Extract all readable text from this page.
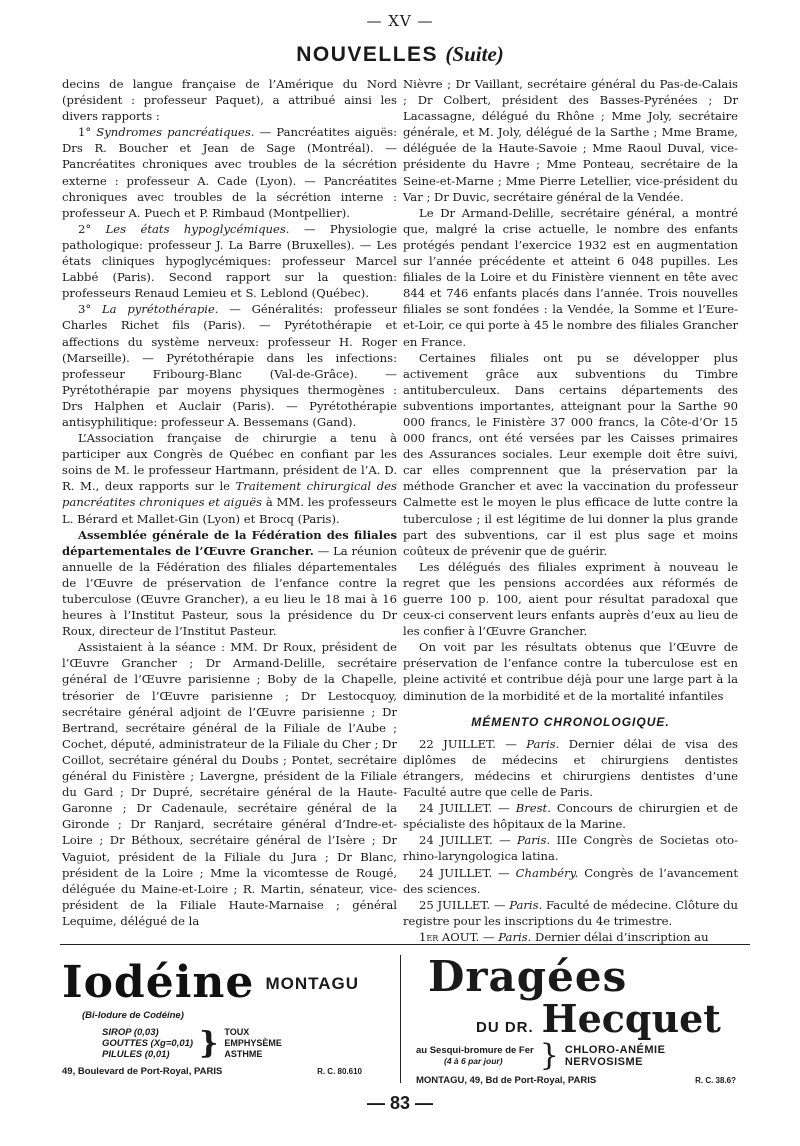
— XV —
NOUVELLES (Suite)

decins de langue française de l’Amérique du Nord (président : professeur Paquet), a attribué ainsi les divers rapports :

1° Syndromes pancréatiques. — Pancréatites aiguës: Drs R. Boucher et Jean de Sage (Montréal). — Pancréatites chroniques avec troubles de la sécrétion externe : professeur A. Cade (Lyon). — Pancréatites chroniques avec troubles de la sécrétion interne : professeur A. Puech et P. Rimbaud (Montpellier).

2° Les états hypoglycémiques. — Physiologie pathologique: professeur J. La Barre (Bruxelles). — Les états cliniques hypoglycémiques: professeur Marcel Labbé (Paris). Second rapport sur la question: professeurs Renaud Lemieu et S. Leblond (Québec).

3° La pyrétothérapie. — Généralités: professeur Charles Richet fils (Paris). — Pyrétothérapie et affections du système nerveux: professeur H. Roger (Marseille). — Pyrétothérapie dans les infections: professeur Fribourg-Blanc (Val-de-Grâce). — Pyrétothérapie par moyens physiques thermogènes : Drs Halphen et Auclair (Paris). — Pyrétothérapie antisyphilitique: professeur A. Bessemans (Gand).

L’Association française de chirurgie a tenu à participer aux Congrès de Québec en confiant par les soins de M. le professeur Hartmann, président de l’A. D. R. M., deux rapports sur le Traitement chirurgical des pancréatites chroniques et aiguës à MM. les professeurs L. Bérard et Mallet-Gin (Lyon) et Brocq (Paris).

Assemblée générale de la Fédération des filiales départementales de l’Œuvre Grancher. — La réunion annuelle de la Fédération des filiales départementales de l’Œuvre de préservation de l’enfance contre la tuberculose (Œuvre Grancher), a eu lieu le 18 mai à 16 heures à l’Institut Pasteur, sous la présidence du Dr Roux, directeur de l’Institut Pasteur.

Assistaient à la séance : MM. Dr Roux, président de l’Œuvre Grancher ; Dr Armand-Delille, secrétaire général de l’Œuvre parisienne ; Boby de la Chapelle, trésorier de l’Œuvre parisienne ; Dr Lestocquoy, secrétaire général adjoint de l’Œuvre parisienne ; Dr Bertrand, secrétaire général de la Filiale de l’Aube ; Cochet, député, administrateur de la Filiale du Cher ; Dr Coillot, secrétaire général du Doubs ; Pontet, secrétaire général du Finistère ; Lavergne, président de la Filiale du Gard ; Dr Dupré, secrétaire général de la Haute-Garonne ; Dr Cadenaule, secrétaire général de la Gironde ; Dr Ranjard, secrétaire général d’Indre-et-Loire ; Dr Béthoux, secrétaire général de l’Isère ; Dr Vaguiot, président de la Filiale du Jura ; Dr Blanc, président de la Loire ; Mme la vicomtesse de Rougé, déléguée du Maine-et-Loire ; R. Martin, sénateur, vice-président de la Filiale Haute-Marnaise ; général Lequime, délégué de la

Nièvre ; Dr Vaillant, secrétaire général du Pas-de-Calais ; Dr Colbert, président des Basses-Pyrénées ; Dr Lacassagne, délégué du Rhône ; Mme Joly, secrétaire générale, et M. Joly, délégué de la Sarthe ; Mme Brame, déléguée de la Haute-Savoie ; Mme Raoul Duval, vice-présidente du Havre ; Mme Ponteau, secrétaire de la Seine-et-Marne ; Mme Pierre Letellier, vice-président du Var ; Dr Duvic, secrétaire général de la Vendée.

Le Dr Armand-Delille, secrétaire général, a montré que, malgré la crise actuelle, le nombre des enfants protégés pendant l’exercice 1932 est en augmentation sur l’année précédente et atteint 6 048 pupilles. Les filiales de la Loire et du Finistère viennent en tête avec 844 et 746 enfants placés dans l’année. Trois nouvelles filiales se sont fondées : la Vendée, la Somme et l’Eure-et-Loir, ce qui porte à 45 le nombre des filiales Grancher en France.

Certaines filiales ont pu se développer plus activement grâce aux subventions du Timbre antituberculeux. Dans certains départements des subventions importantes, atteignant pour la Sarthe 90 000 francs, le Finistère 37 000 francs, la Côte-d’Or 15 000 francs, ont été versées par les Caisses primaires des Assurances sociales. Leur exemple doit être suivi, car elles comprennent que la préservation par la méthode Grancher et avec la vaccination du professeur Calmette est le moyen le plus efficace de lutte contre la tuberculose ; il est légitime de lui donner la plus grande part des subventions, car il est plus sage et moins coûteux de prévenir que de guérir.

Les délégués des filiales expriment à nouveau le regret que les pensions accordées aux réformés de guerre 100 p. 100, aient pour résultat paradoxal que ceux-ci conservent leurs enfants auprès d’eux au lieu de les confier à l’Œuvre Grancher.

On voit par les résultats obtenus que l’Œuvre de préservation de l’enfance contre la tuberculose est en pleine activité et contribue déjà pour une large part à la diminution de la morbidité et de la mortalité infantiles

MÉMENTO CHRONOLOGIQUE.

22 JUILLET. — Paris. Dernier délai de visa des diplômes de médecins et chirurgiens dentistes étrangers, médecins et chirurgiens dentistes d’une Faculté autre que celle de Paris.

24 JUILLET. — Brest. Concours de chirurgien et de spécialiste des hôpitaux de la Marine.

24 JUILLET. — Paris. IIIe Congrès de Societas oto-rhino-laryngologica latina.

24 JUILLET. — Chambéry. Congrès de l’avancement des sciences.

25 JUILLET. — Paris. Faculté de médecine. Clôture du registre pour les inscriptions du 4e trimestre.

1er AOUT. — Paris. Dernier délai d’inscription au

Iodéine MONTAGU
(Bi-Iodure de Codéine)
SIROP (0,03)
GOUTTES (Xg=0,01)
PILULES (0,01) } TOUX
EMPHYSÈME
ASTHME
49, Boulevard de Port-Royal, PARIS	R. C. 80.610
Dragées
DU DR. Hecquet
au Sesqui-bromure de Fer
(4 à 6 par jour)	} CHLORO-ANÉMIE
NERVOSISME
MONTAGU, 49, Bd de Port-Royal, PARIS	R. C. 38.6?
— 83 —
